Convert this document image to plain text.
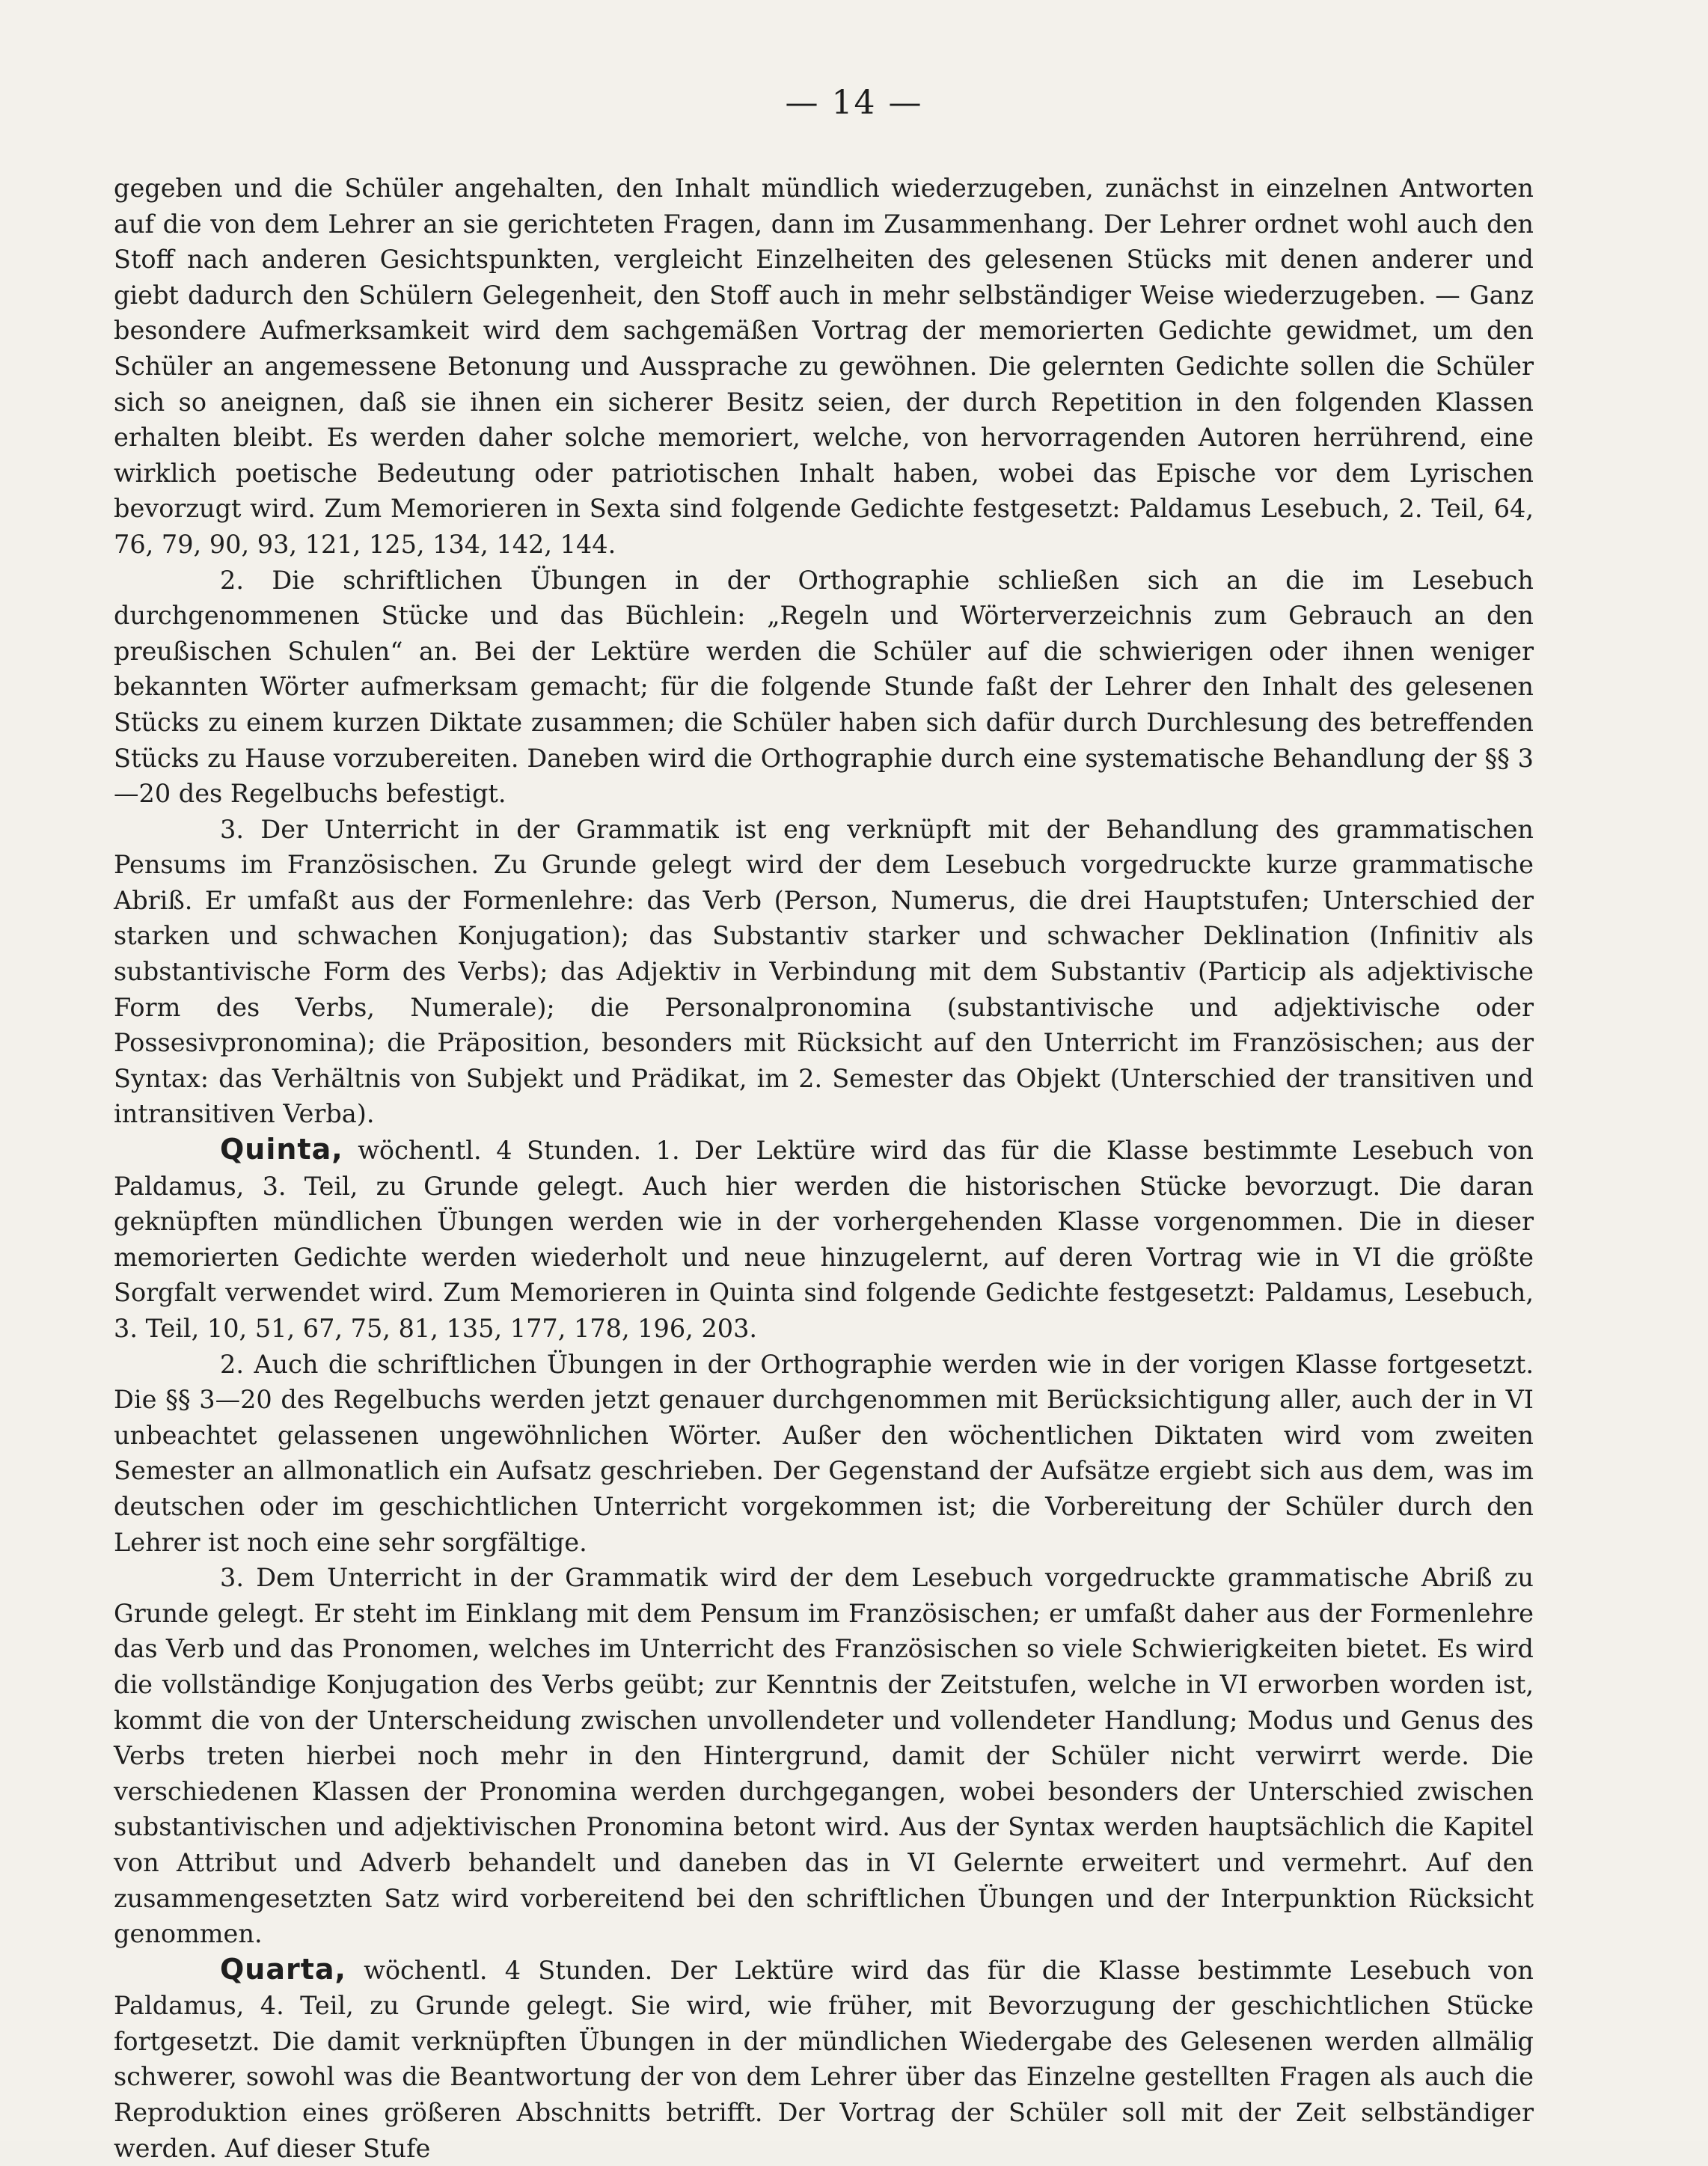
— 14 —

gegeben und die Schüler angehalten, den Inhalt mündlich wiederzugeben, zunächst in einzelnen Antworten auf die von dem Lehrer an sie gerichteten Fragen, dann im Zusammenhang. Der Lehrer ordnet wohl auch den Stoff nach anderen Gesichtspunkten, vergleicht Einzelheiten des gelesenen Stücks mit denen anderer und giebt dadurch den Schülern Gelegenheit, den Stoff auch in mehr selbständiger Weise wiederzugeben. — Ganz besondere Aufmerksamkeit wird dem sachgemäßen Vortrag der memorierten Gedichte gewidmet, um den Schüler an angemessene Betonung und Aussprache zu gewöhnen. Die gelernten Gedichte sollen die Schüler sich so aneignen, daß sie ihnen ein sicherer Besitz seien, der durch Repetition in den folgenden Klassen erhalten bleibt. Es werden daher solche memoriert, welche, von hervorragenden Autoren herrührend, eine wirklich poetische Bedeutung oder patriotischen Inhalt haben, wobei das Epische vor dem Lyrischen bevorzugt wird. Zum Memorieren in Sexta sind folgende Gedichte festgesetzt: Paldamus Lesebuch, 2. Teil, 64, 76, 79, 90, 93, 121, 125, 134, 142, 144.

2. Die schriftlichen Übungen in der Orthographie schließen sich an die im Lesebuch durchgenommenen Stücke und das Büchlein: „Regeln und Wörterverzeichnis zum Gebrauch an den preußischen Schulen“ an. Bei der Lektüre werden die Schüler auf die schwierigen oder ihnen weniger bekannten Wörter aufmerksam gemacht; für die folgende Stunde faßt der Lehrer den Inhalt des gelesenen Stücks zu einem kurzen Diktate zusammen; die Schüler haben sich dafür durch Durchlesung des betreffenden Stücks zu Hause vorzubereiten. Daneben wird die Orthographie durch eine systematische Behandlung der §§ 3—20 des Regelbuchs befestigt.

3. Der Unterricht in der Grammatik ist eng verknüpft mit der Behandlung des grammatischen Pensums im Französischen. Zu Grunde gelegt wird der dem Lesebuch vorgedruckte kurze grammatische Abriß. Er umfaßt aus der Formenlehre: das Verb (Person, Numerus, die drei Hauptstufen; Unterschied der starken und schwachen Konjugation); das Substantiv starker und schwacher Deklination (Infinitiv als substantivische Form des Verbs); das Adjektiv in Verbindung mit dem Substantiv (Particip als adjektivische Form des Verbs, Numerale); die Personalpronomina (substantivische und adjektivische oder Possesivpronomina); die Präposition, besonders mit Rücksicht auf den Unterricht im Französischen; aus der Syntax: das Verhältnis von Subjekt und Prädikat, im 2. Semester das Objekt (Unterschied der transitiven und intransitiven Verba).

Quinta, wöchentl. 4 Stunden. 1. Der Lektüre wird das für die Klasse bestimmte Lesebuch von Paldamus, 3. Teil, zu Grunde gelegt. Auch hier werden die historischen Stücke bevorzugt. Die daran geknüpften mündlichen Übungen werden wie in der vorhergehenden Klasse vorgenommen. Die in dieser memorierten Gedichte werden wiederholt und neue hinzugelernt, auf deren Vortrag wie in VI die größte Sorgfalt verwendet wird. Zum Memorieren in Quinta sind folgende Gedichte festgesetzt: Paldamus, Lesebuch, 3. Teil, 10, 51, 67, 75, 81, 135, 177, 178, 196, 203.

2. Auch die schriftlichen Übungen in der Orthographie werden wie in der vorigen Klasse fortgesetzt. Die §§ 3—20 des Regelbuchs werden jetzt genauer durchgenommen mit Berücksichtigung aller, auch der in VI unbeachtet gelassenen ungewöhnlichen Wörter. Außer den wöchentlichen Diktaten wird vom zweiten Semester an allmonatlich ein Aufsatz geschrieben. Der Gegenstand der Aufsätze ergiebt sich aus dem, was im deutschen oder im geschichtlichen Unterricht vorgekommen ist; die Vorbereitung der Schüler durch den Lehrer ist noch eine sehr sorgfältige.

3. Dem Unterricht in der Grammatik wird der dem Lesebuch vorgedruckte grammatische Abriß zu Grunde gelegt. Er steht im Einklang mit dem Pensum im Französischen; er umfaßt daher aus der Formenlehre das Verb und das Pronomen, welches im Unterricht des Französischen so viele Schwierigkeiten bietet. Es wird die vollständige Konjugation des Verbs geübt; zur Kenntnis der Zeitstufen, welche in VI erworben worden ist, kommt die von der Unterscheidung zwischen unvollendeter und vollendeter Handlung; Modus und Genus des Verbs treten hierbei noch mehr in den Hintergrund, damit der Schüler nicht verwirrt werde. Die verschiedenen Klassen der Pronomina werden durchgegangen, wobei besonders der Unterschied zwischen substantivischen und adjektivischen Pronomina betont wird. Aus der Syntax werden hauptsächlich die Kapitel von Attribut und Adverb behandelt und daneben das in VI Gelernte erweitert und vermehrt. Auf den zusammengesetzten Satz wird vorbereitend bei den schriftlichen Übungen und der Interpunktion Rücksicht genommen.

Quarta, wöchentl. 4 Stunden. Der Lektüre wird das für die Klasse bestimmte Lesebuch von Paldamus, 4. Teil, zu Grunde gelegt. Sie wird, wie früher, mit Bevorzugung der geschichtlichen Stücke fortgesetzt. Die damit verknüpften Übungen in der mündlichen Wiedergabe des Gelesenen werden allmälig schwerer, sowohl was die Beantwortung der von dem Lehrer über das Einzelne gestellten Fragen als auch die Reproduktion eines größeren Abschnitts betrifft. Der Vortrag der Schüler soll mit der Zeit selbständiger werden. Auf dieser Stufe
